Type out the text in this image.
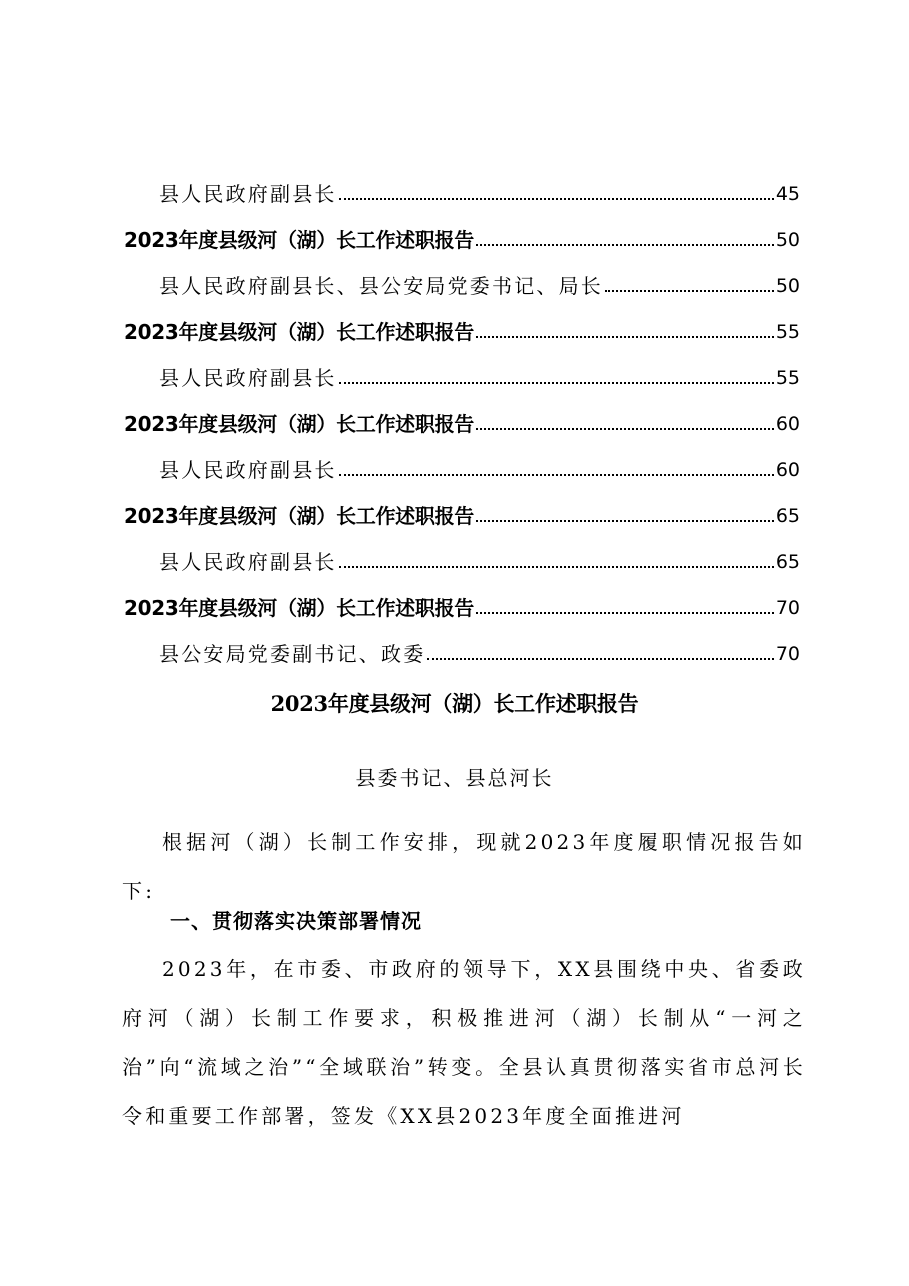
县人民政府副县长	45
2023年度县级河（湖）长工作述职报告	50
县人民政府副县长、县公安局党委书记、局长	50
2023年度县级河（湖）长工作述职报告	55
县人民政府副县长	55
2023年度县级河（湖）长工作述职报告	60
县人民政府副县长	60
2023年度县级河（湖）长工作述职报告	65
县人民政府副县长	65
2023年度县级河（湖）长工作述职报告	70
县公安局党委副书记、政委	70
2023年度县级河（湖）长工作述职报告
县委书记、县总河长

根据河（湖）长制工作安排，现就2023年度履职情况报告如下:

一、贯彻落实决策部署情况

2023年，在市委、市政府的领导下，XX县围绕中央、省委政府河（湖）长制工作要求，积极推进河（湖）长制从“一河之治”向“流域之治”“全域联治”转变。全县认真贯彻落实省市总河长令和重要工作部署，签发《XX县2023年度全面推进河
